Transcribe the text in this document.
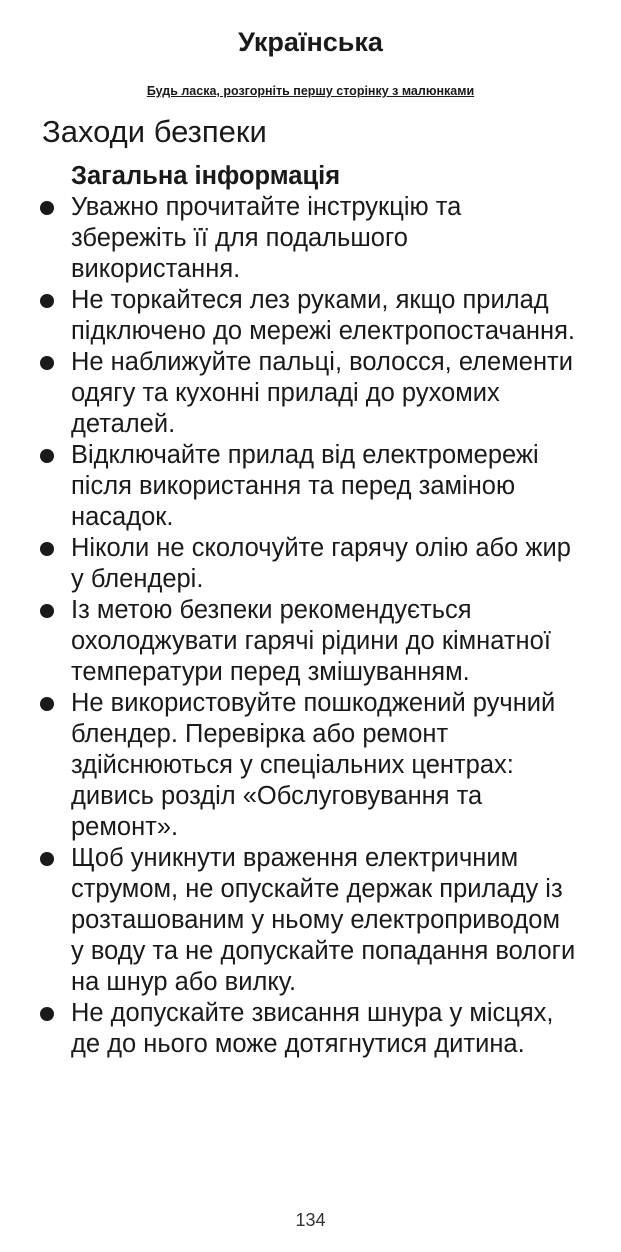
Українська
Будь ласка, розгорніть першу сторінку з малюнками
Заходи безпеки
Загальна інформація
Уважно прочитайте інструкцію та збережіть її для подальшого використання.
Не торкайтеся лез руками, якщо прилад підключено до мережі електропостачання.
Не наближуйте пальці, волосся, елементи одягу та кухонні приладі до рухомих деталей.
Відключайте прилад від електромережі після використання та перед заміною насадок.
Ніколи не сколочуйте гарячу олію або жир у блендері.
Із метою безпеки рекомендується охолоджувати гарячі рідини до кімнатної температури перед змішуванням.
Не використовуйте пошкоджений ручний блендер. Перевірка або ремонт здійснюються у спеціальних центрах: дивись розділ «Обслуговування та ремонт».
Щоб уникнути враження електричним струмом, не опускайте держак приладу із розташованим у ньому електроприводом у воду та не допускайте попадання вологи на шнур або вилку.
Не допускайте звисання шнура у місцях, де до нього може дотягнутися дитина.
134
